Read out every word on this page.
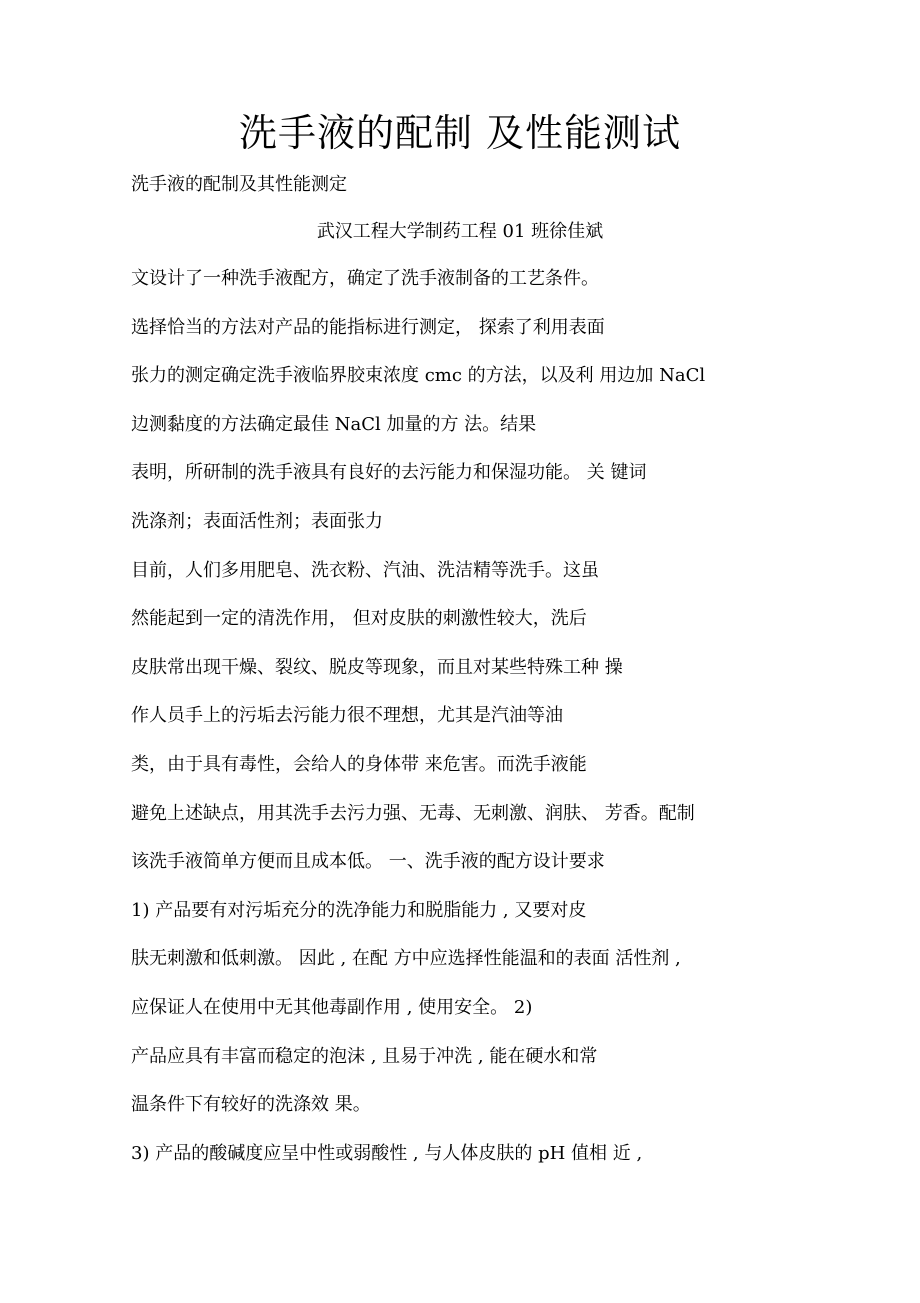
洗手液的配制 及性能测试

洗手液的配制及其性能测定

武汉工程大学制药工程 01 班徐佳斌

文设计了一种洗手液配方，确定了洗手液制备的工艺条件。
选择恰当的方法对产品的能指标进行测定， 探索了利用表面
张力的测定确定洗手液临界胶束浓度 cmc 的方法，以及利 用边加 NaCl
边测黏度的方法确定最佳 NaCl 加量的方 法。结果
表明，所研制的洗手液具有良好的去污能力和保湿功能。 关 键词
洗涤剂；表面活性剂；表面张力
目前，人们多用肥皂、洗衣粉、汽油、洗洁精等洗手。这虽
然能起到一定的清洗作用， 但对皮肤的刺激性较大，洗后
皮肤常出现干燥、裂纹、脱皮等现象，而且对某些特殊工种 操
作人员手上的污垢去污能力很不理想，尤其是汽油等油
类，由于具有毒性，会给人的身体带 来危害。而洗手液能
避免上述缺点，用其洗手去污力强、无毒、无刺激、润肤、 芳香。配制
该洗手液简单方便而且成本低。 一、洗手液的配方设计要求
1) 产品要有对污垢充分的洗净能力和脱脂能力 , 又要对皮
肤无刺激和低刺激。 因此 , 在配 方中应选择性能温和的表面 活性剂 ,
应保证人在使用中无其他毒副作用 , 使用安全。 2)
产品应具有丰富而稳定的泡沫 , 且易于冲洗 , 能在硬水和常
温条件下有较好的洗涤效 果。
3) 产品的酸碱度应呈中性或弱酸性 , 与人体皮肤的 pH 值相 近 ,
